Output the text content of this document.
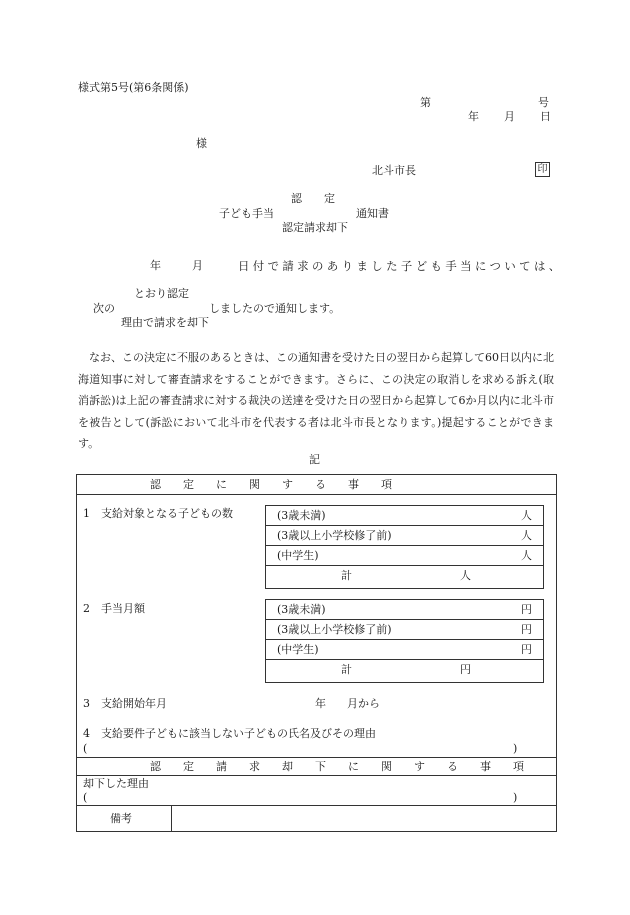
様式第5号(第6条関係)
第	号
年 月 日
様
北斗市長	印
認　　定
子ども手当	通知書
認定請求却下
年	月	日付で請求のありました子ども手当については、
とおり認定
次の	しましたので通知します。
理由で請求を却下
なお、この決定に不服のあるときは、この通知書を受けた日の翌日から起算して60日以内に北海道知事に対して審査請求をすることができます。さらに、この決定の取消しを求める訴え(取消訴訟)は上記の審査請求に対する裁決の送達を受けた日の翌日から起算して6か月以内に北斗市を被告として(訴訟において北斗市を代表する者は北斗市長となります。)提起することができます。
記
認　　定　　に　　関　　す　　る　　事　　項
1　支給対象となる子どもの数	(3歳未満)	人
(3歳以上小学校修了前)	人
(中学生)	人
計	人
2　手当月額	(3歳未満)	円
(3歳以上小学校修了前)	円
(中学生)	円
計	円
3　支給開始年月	年 月から
4　支給要件子どもに該当しない子どもの氏名及びその理由
(	)
認　　定　　請　　求　　却　　下　　に　　関　　す　　る　　事　　項
却下した理由
(	)
備考
